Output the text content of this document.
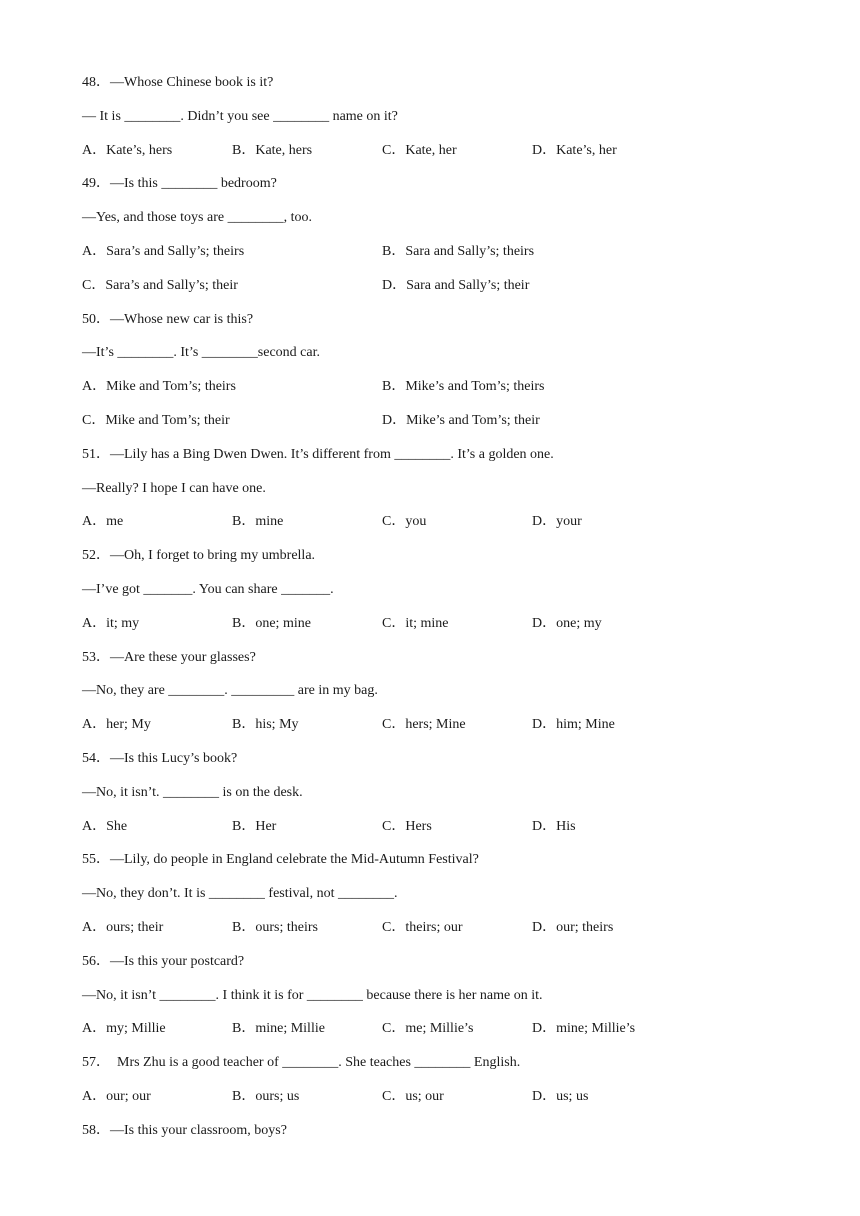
48．—Whose Chinese book is it?
— It is ________. Didn’t you see ________ name on it?
A．Kate’s, hers	B．Kate, hers	C．Kate, her	D．Kate’s, her
49．—Is this ________ bedroom?
—Yes, and those toys are ________, too.
A．Sara’s and Sally’s; theirs	B．Sara and Sally’s; theirs
C．Sara’s and Sally’s; their	D．Sara and Sally’s; their
50．—Whose new car is this?
—It’s ________. It’s ________second car.
A．Mike and Tom’s; theirs	B．Mike’s and Tom’s; theirs
C．Mike and Tom’s; their	D．Mike’s and Tom’s; their
51．—Lily has a Bing Dwen Dwen. It’s different from ________. It’s a golden one.
—Really? I hope I can have one.
A．me	B．mine	C．you	D．your
52．—Oh, I forget to bring my umbrella.
—I’ve got _______. You can share _______.
A．it; my	B．one; mine	C．it; mine	D．one; my
53．—Are these your glasses?
—No, they are ________. _________ are in my bag.
A．her; My	B．his; My	C．hers; Mine	D．him; Mine
54．—Is this Lucy’s book?
—No, it isn’t. ________ is on the desk.
A．She	B．Her	C．Hers	D．His
55．—Lily, do people in England celebrate the Mid-Autumn Festival?
—No, they don’t. It is ________ festival, not ________.
A．ours; their	B．ours; theirs	C．theirs; our	D．our; theirs
56．—Is this your postcard?
—No, it isn’t ________. I think it is for ________ because there is her name on it.
A．my; Millie	B．mine; Millie	C．me; Millie’s	D．mine; Millie’s
57．  Mrs Zhu is a good teacher of ________. She teaches ________ English.
A．our; our	B．ours; us	C．us; our	D．us; us
58．—Is this your classroom, boys?
